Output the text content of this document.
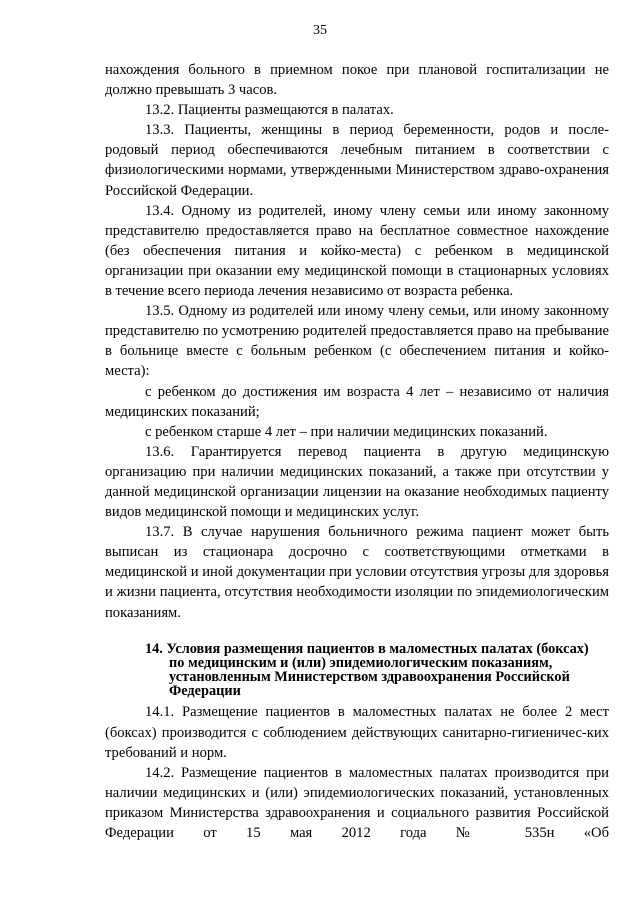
35

нахождения больного в приемном покое при плановой госпитализации не должно превышать 3 часов.

13.2. Пациенты размещаются в палатах.

13.3. Пациенты, женщины в период беременности, родов и после-родовый период обеспечиваются лечебным питанием в соответствии с физиологическими нормами, утвержденными Министерством здраво-охранения Российской Федерации.

13.4. Одному из родителей, иному члену семьи или иному законному представителю предоставляется право на бесплатное совместное нахождение (без обеспечения питания и койко-места) с ребенком в медицинской организации при оказании ему медицинской помощи в стационарных условиях в течение всего периода лечения независимо от возраста ребенка.

13.5. Одному из родителей или иному члену семьи, или иному законному представителю по усмотрению родителей предоставляется право на пребывание в больнице вместе с больным ребенком (с обеспечением питания и койко-места):

с ребенком до достижения им возраста 4 лет – независимо от наличия медицинских показаний;

с ребенком старше 4 лет – при наличии медицинских показаний.

13.6. Гарантируется перевод пациента в другую медицинскую организацию при наличии медицинских показаний, а также при отсутствии у данной медицинской организации лицензии на оказание необходимых пациенту видов медицинской помощи и медицинских услуг.

13.7. В случае нарушения больничного режима пациент может быть выписан из стационара досрочно с соответствующими отметками в медицинской и иной документации при условии отсутствия угрозы для здоровья и жизни пациента, отсутствия необходимости изоляции по эпидемиологическим показаниям.

14. Условия размещения пациентов в маломестных палатах (боксах)
по медицинским и (или) эпидемиологическим показаниям,
установленным Министерством здравоохранения Российской
Федерации

14.1. Размещение пациентов в маломестных палатах не более 2 мест (боксах) производится с соблюдением действующих санитарно-гигиеничес-ких требований и норм.

14.2. Размещение пациентов в маломестных палатах производится при наличии медицинских и (или) эпидемиологических показаний, установленных приказом Министерства здравоохранения и социального развития Российской Федерации от 15 мая 2012 года № 535н «Об
